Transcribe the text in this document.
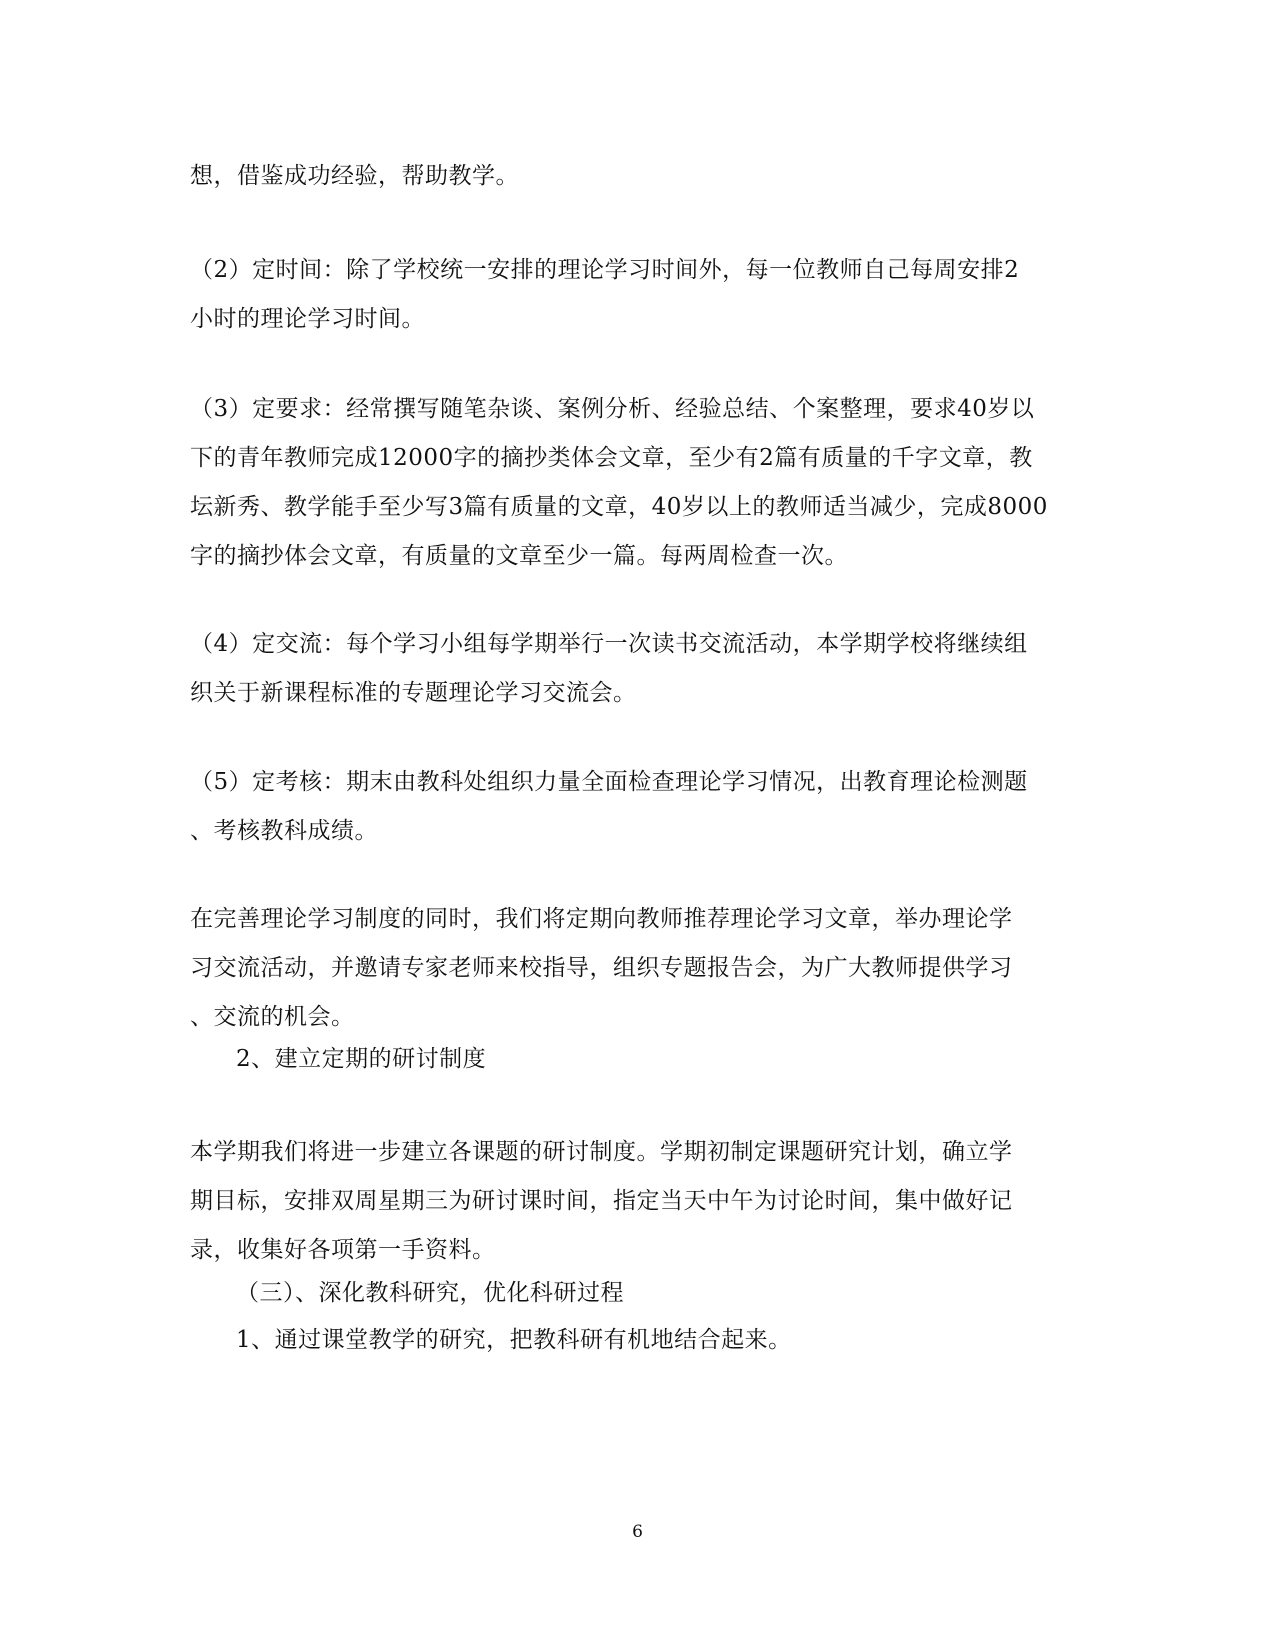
想，借鉴成功经验，帮助教学。

（2）定时间：除了学校统一安排的理论学习时间外，每一位教师自己每周安排2
小时的理论学习时间。

（3）定要求：经常撰写随笔杂谈、案例分析、经验总结、个案整理，要求40岁以
下的青年教师完成12000字的摘抄类体会文章，至少有2篇有质量的千字文章，教
坛新秀、教学能手至少写3篇有质量的文章，40岁以上的教师适当减少，完成8000
字的摘抄体会文章，有质量的文章至少一篇。每两周检查一次。

（4）定交流：每个学习小组每学期举行一次读书交流活动，本学期学校将继续组
织关于新课程标准的专题理论学习交流会。

（5）定考核：期末由教科处组织力量全面检查理论学习情况，出教育理论检测题
、考核教科成绩。

在完善理论学习制度的同时，我们将定期向教师推荐理论学习文章，举办理论学
习交流活动，并邀请专家老师来校指导，组织专题报告会，为广大教师提供学习
、交流的机会。

2、建立定期的研讨制度

本学期我们将进一步建立各课题的研讨制度。学期初制定课题研究计划，确立学
期目标，安排双周星期三为研讨课时间，指定当天中午为讨论时间，集中做好记
录，收集好各项第一手资料。

（三）、深化教科研究，优化科研过程

1、通过课堂教学的研究，把教科研有机地结合起来。

6
